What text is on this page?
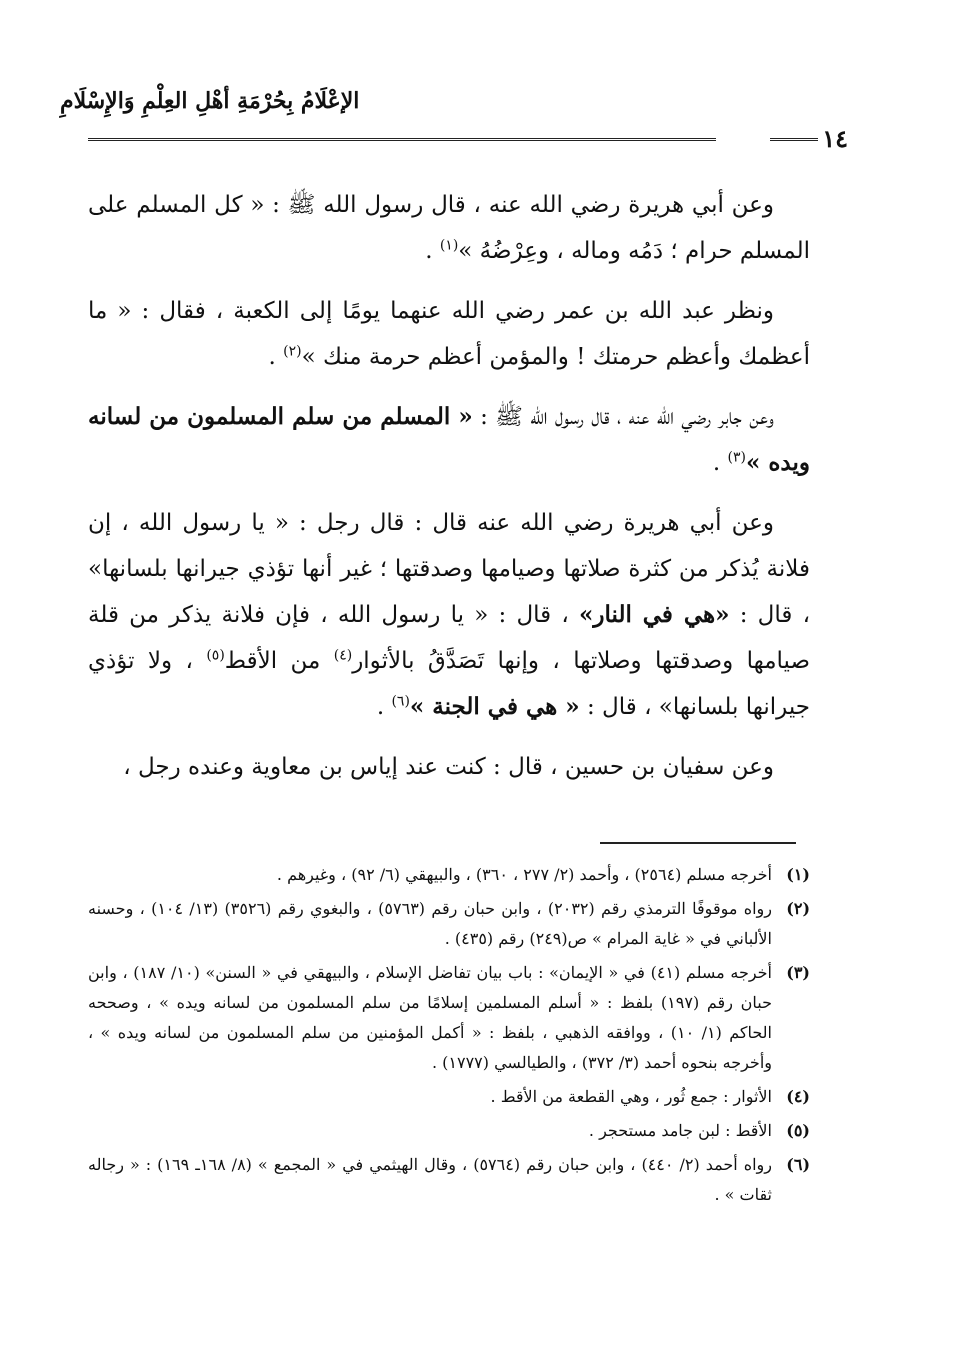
الإعْلَامُ بِحُرْمَةِ أهْلِ العِلْمِ وَالإِسْلَامِ
١٤

وعن أبي هريرة رضي الله عنه ، قال رسول الله ﷺ : « كل المسلم على المسلم حرام ؛ دَمُه وماله ، وعِرْضُهُ »$^{(١)}$ .

ونظر عبد الله بن عمر رضي الله عنهما يومًا إلى الكعبة ، فقال : « ما أعظمك وأعظم حرمتك ! والمؤمن أعظم حرمة منك »$^{(٢)}$ .

وعن جابر رضي الله عنه ، قال رسول الله ﷺ : « المسلم من سلم المسلمون من لسانه ويده »$^{(٣)}$ .

وعن أبي هريرة رضي الله عنه قال : قال رجل : « يا رسول الله ، إن فلانة يُذكر من كثرة صلاتها وصيامها وصدقتها ؛ غير أنها تؤذي جيرانها بلسانها» ، قال : «هي في النار» ، قال : « يا رسول الله ، فإن فلانة يذكر من قلة صيامها وصدقتها وصلاتها ، وإنها تَصَدَّقُ بالأثوار$^{(٤)}$ من الأقط$^{(٥)}$ ، ولا تؤذي جيرانها بلسانها» ، قال : « هي في الجنة »$^{(٦)}$ .

وعن سفيان بن حسين ، قال : كنت عند إياس بن معاوية وعنده رجل ،

(١)أخرجه مسلم (٢٥٦٤) ، وأحمد (٢/ ٢٧٧ ، ٣٦٠) ، والبيهقي (٦/ ٩٢) ، وغيرهم .
(٢)رواه موقوفًا الترمذي رقم (٢٠٣٢) ، وابن حبان رقم (٥٧٦٣) ، والبغوي رقم (٣٥٢٦) (١٣/ ١٠٤) ، وحسنه الألباني في « غاية المرام » ص(٢٤٩) رقم (٤٣٥) .
(٣)أخرجه مسلم (٤١) في « الإيمان» : باب بيان تفاضل الإسلام ، والبيهقي في « السنن» (١٠/ ١٨٧) ، وابن حبان رقم (١٩٧) بلفظ : « أسلم المسلمين إسلامًا من سلم المسلمون من لسانه ويده » ، وصححه الحاكم (١/ ١٠) ، ووافقه الذهبي ، بلفظ : « أكمل المؤمنين من سلم المسلمون من لسانه ويده » ، وأخرجه بنحوه أحمد (٣/ ٣٧٢) ، والطيالسي (١٧٧٧) .
(٤)الأثوار : جمع ثُور ، وهي القطعة من الأقط .
(٥)الأقط : لبن جامد مستحجر .
(٦)رواه أحمد (٢/ ٤٤٠) ، وابن حبان رقم (٥٧٦٤) ، وقال الهيثمي في « المجمع » (٨/ ١٦٨ـ ١٦٩) : « رجاله ثقات » .
